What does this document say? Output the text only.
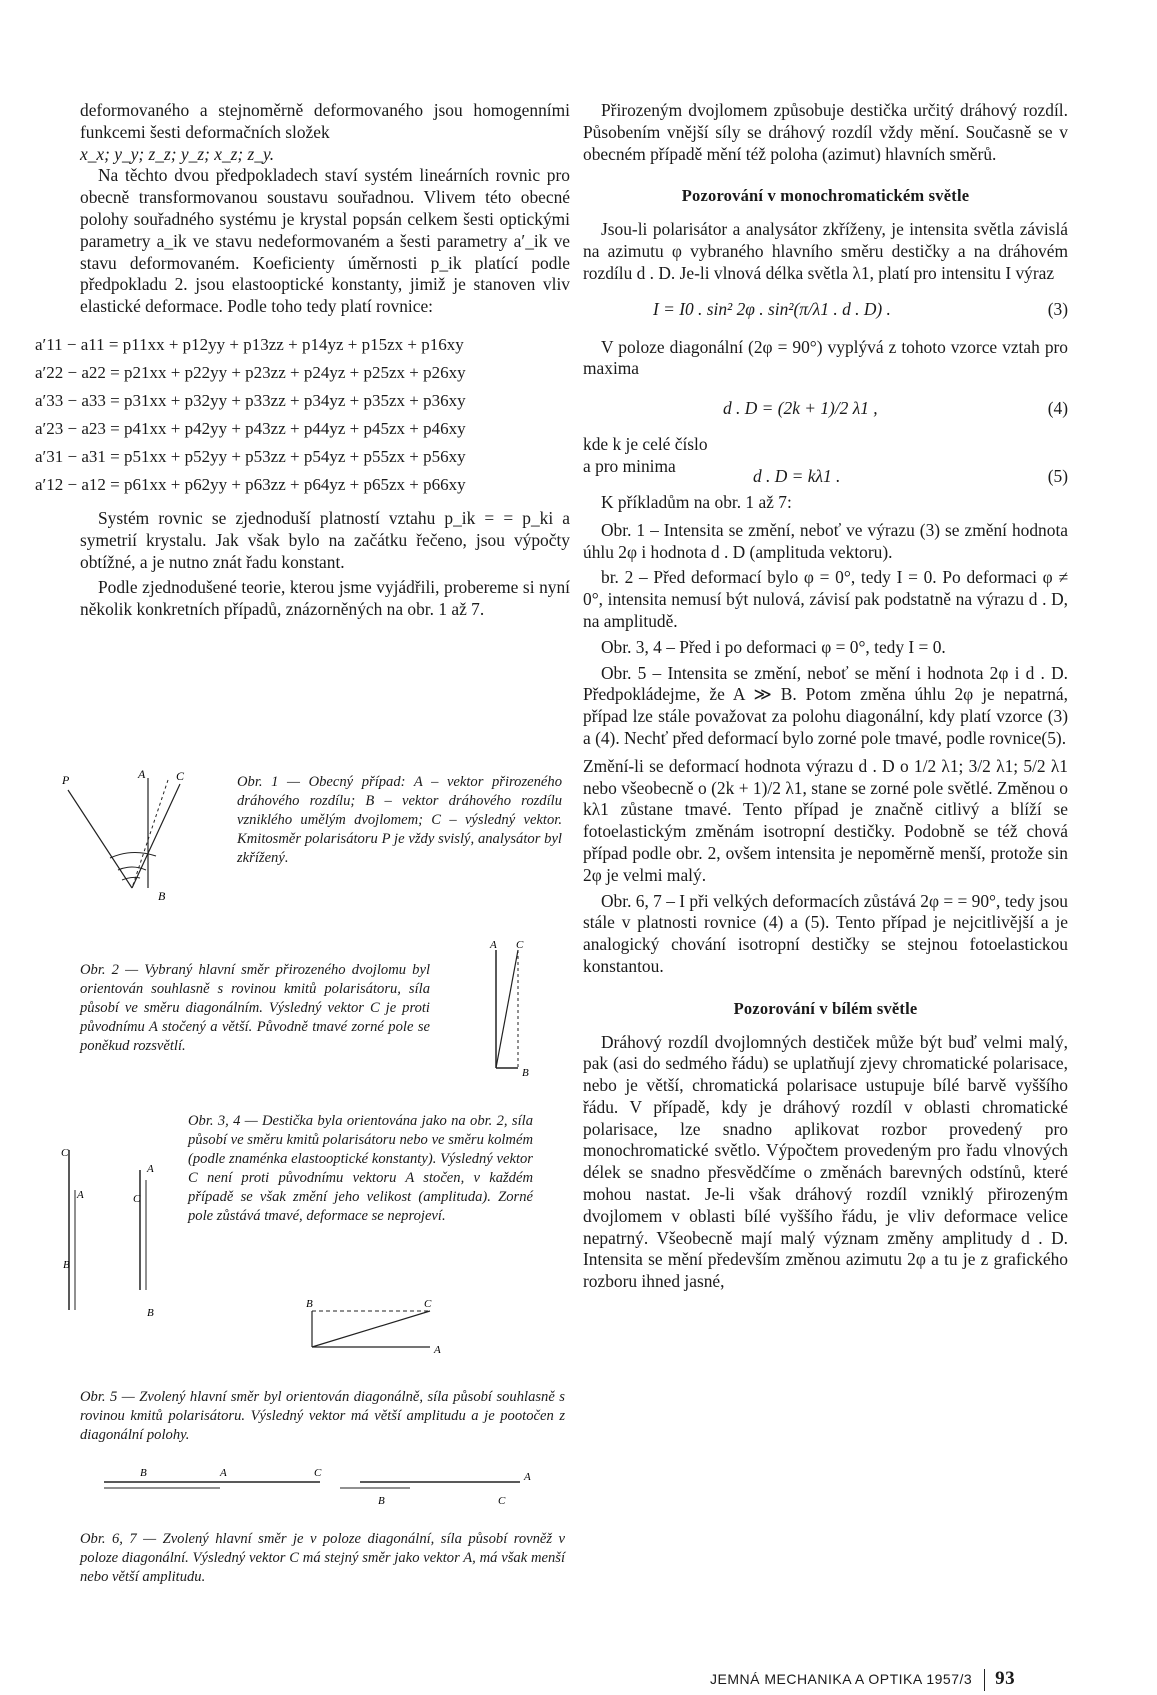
deformovaného a stejnoměrně deformovaného jsou homogenními funkcemi šesti deformačních složek

x_x; y_y; z_z; y_z; x_z; z_y.

Na těchto dvou předpokladech staví systém lineárních rovnic pro obecně transformovanou soustavu souřadnou. Vlivem této obecné polohy souřadného systému je krystal popsán celkem šesti optickými parametry a_ik ve stavu nedeformovaném a šesti parametry a′_ik ve stavu deformovaném. Koeficienty úměrnosti p_ik platící podle předpokladu 2. jsou elastooptické konstanty, jimiž je stanoven vliv elastické deformace. Podle toho tedy platí rovnice:

a′11 − a11 = p11xx + p12yy + p13zz + p14yz + p15zx + p16xy
a′22 − a22 = p21xx + p22yy + p23zz + p24yz + p25zx + p26xy
a′33 − a33 = p31xx + p32yy + p33zz + p34yz + p35zx + p36xy
a′23 − a23 = p41xx + p42yy + p43zz + p44yz + p45zx + p46xy
a′31 − a31 = p51xx + p52yy + p53zz + p54yz + p55zx + p56xy
a′12 − a12 = p61xx + p62yy + p63zz + p64yz + p65zx + p66xy

Systém rovnic se zjednoduší platností vztahu p_ik = = p_ki a symetrií krystalu. Jak však bylo na začátku řečeno, jsou výpočty obtížné, a je nutno znát řadu konstant.

Podle zjednodušené teorie, kterou jsme vyjádřili, probereme si nyní několik konkretních případů, znázorněných na obr. 1 až 7.

P	A	C
B

Obr. 1 — Obecný případ: A – vektor přirozeného dráhového rozdílu; B – vektor dráhového rozdílu vzniklého umělým dvojlomem; C – výsledný vektor. Kmitosměr polarisátoru P je vždy svislý, analysátor byl zkřížený.

Obr. 2 — Vybraný hlavní směr přirozeného dvojlomu byl orientován souhlasně s rovinou kmitů polarisátoru, síla působí ve směru diagonálním. Výsledný vektor C je proti původnímu A stočený a větší. Původně tmavé zorné pole se poněkud rozsvětlí.

A C
B
C
A
B
A
C
B

Obr. 3, 4 — Destička byla orientována jako na obr. 2, síla působí ve směru kmitů polarisátoru nebo ve směru kolmém (podle znaménka elastooptické konstanty). Výsledný vektor C není proti původnímu vektoru A stočen, v každém případě se však změní jeho velikost (amplituda). Zorné pole zůstává tmavé, deformace se neprojeví.

B	C
A

Obr. 5 — Zvolený hlavní směr byl orientován diagonálně, síla působí souhlasně s rovinou kmitů polarisátoru. Výsledný vektor má větší amplitudu a je pootočen z diagonální polohy.

B	A	C
B	C
A

Obr. 6, 7 — Zvolený hlavní směr je v poloze diagonální, síla působí rovněž v poloze diagonální. Výsledný vektor C má stejný směr jako vektor A, má však menší nebo větší amplitudu.

Přirozeným dvojlomem způsobuje destička určitý dráhový rozdíl. Působením vnější síly se dráhový rozdíl vždy mění. Současně se v obecném případě mění též poloha (azimut) hlavních směrů.

Pozorování v monochromatickém světle

Jsou-li polarisátor a analysátor zkříženy, je intensita světla závislá na azimutu φ vybraného hlavního směru destičky a na dráhovém rozdílu d . D. Je-li vlnová délka světla λ1, platí pro intensitu I výraz

I = I0 . sin² 2φ . sin²(π/λ1 . d . D) .	(3)

V poloze diagonální (2φ = 90°) vyplývá z tohoto vzorce vztah pro maxima

d . D = (2k + 1)/2 λ1 ,	(4)

kde k je celé číslo

a pro minima	d . D = kλ1 .	(5)

K příkladům na obr. 1 až 7:

Obr. 1 – Intensita se změní, neboť ve výrazu (3) se změní hodnota úhlu 2φ i hodnota d . D (amplituda vektoru).

br. 2 – Před deformací bylo φ = 0°, tedy I = 0. Po deformaci φ ≠ 0°, intensita nemusí být nulová, závisí pak podstatně na výrazu d . D, na amplitudě.

Obr. 3, 4 – Před i po deformaci φ = 0°, tedy I = 0.

Obr. 5 – Intensita se změní, neboť se mění i hodnota 2φ i d . D. Předpokládejme, že A ≫ B. Potom změna úhlu 2φ je nepatrná, případ lze stále považovat za polohu diagonální, kdy platí vzorce (3) a (4). Nechť před deformací bylo zorné pole tmavé, podle rovnice(5).

Změní-li se deformací hodnota výrazu d . D o 1/2 λ1; 3/2 λ1; 5/2 λ1 nebo všeobecně o (2k + 1)/2 λ1, stane se zorné pole světlé. Změnou o kλ1 zůstane tmavé. Tento případ je značně citlivý a blíží se fotoelastickým změnám isotropní destičky. Podobně se též chová případ podle obr. 2, ovšem intensita je nepoměrně menší, protože sin 2φ je velmi malý.

Obr. 6, 7 – I při velkých deformacích zůstává 2φ = = 90°, tedy jsou stále v platnosti rovnice (4) a (5). Tento případ je nejcitlivější a je analogický chování isotropní destičky se stejnou fotoelastickou konstantou.

Pozorování v bílém světle

Dráhový rozdíl dvojlomných destiček může být buď velmi malý, pak (asi do sedmého řádu) se uplatňují zjevy chromatické polarisace, nebo je větší, chromatická polarisace ustupuje bílé barvě vyššího řádu. V případě, kdy je dráhový rozdíl v oblasti chromatické polarisace, lze snadno aplikovat rozbor provedený pro monochromatické světlo. Výpočtem provedeným pro řadu vlnových délek se snadno přesvědčíme o změnách barevných odstínů, které mohou nastat. Je-li však dráhový rozdíl vzniklý přirozeným dvojlomem v oblasti bílé vyššího řádu, je vliv deformace velice nepatrný. Všeobecně mají malý význam změny amplitudy d . D. Intensita se mění především změnou azimutu 2φ a tu je z grafického rozboru ihned jasné,

JEMNÁ MECHANIKA A OPTIKA 1957/3 93
